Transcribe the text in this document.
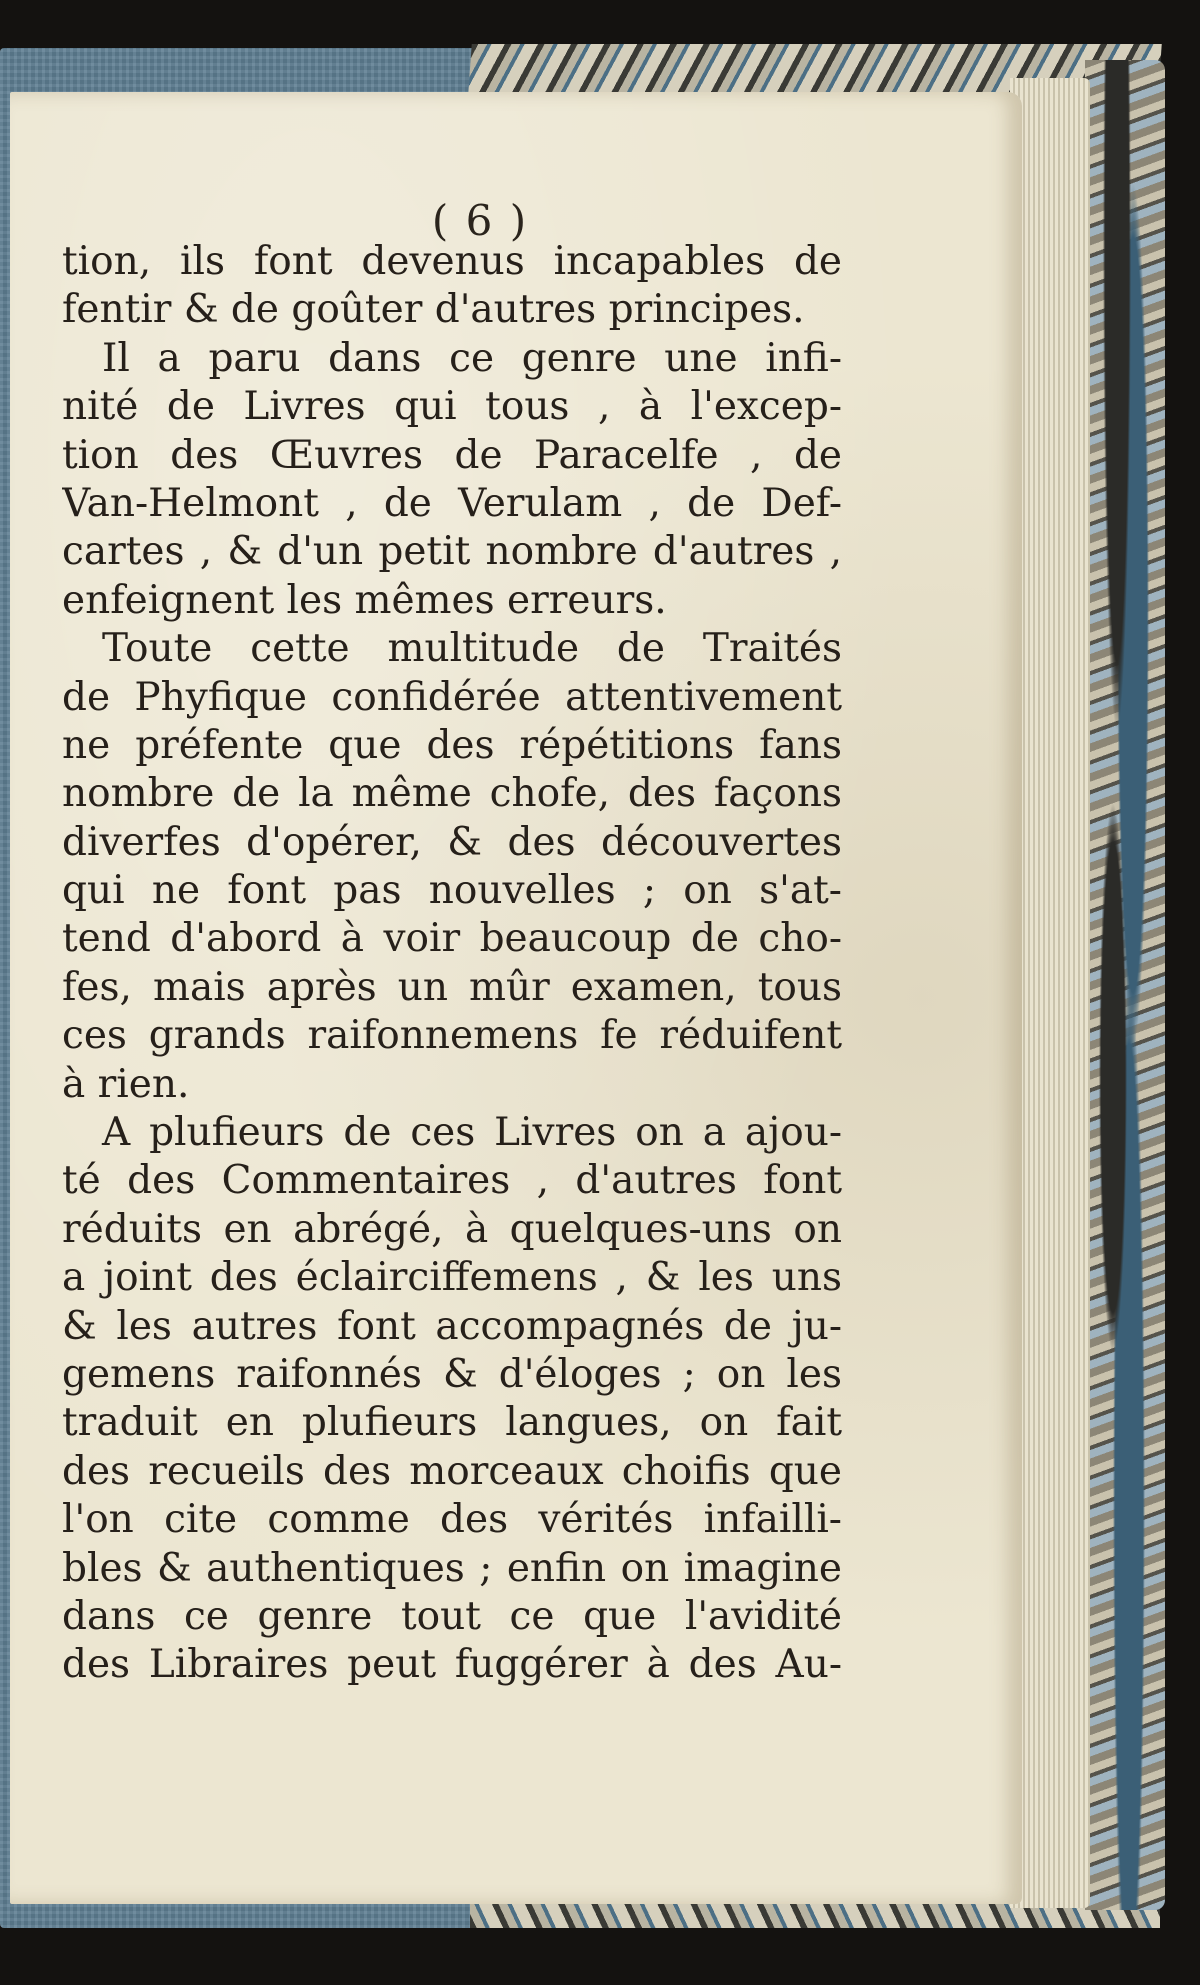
( 6 )

tion, ils font devenus incapables de
fentir & de goûter d'autres principes.
Il a paru dans ce genre une infi-
nité de Livres qui tous , à l'excep-
tion des Œuvres de Paracelfe , de
Van-Helmont , de Verulam , de Def-
cartes , & d'un petit nombre d'autres ,
enfeignent les mêmes erreurs.
Toute cette multitude de Traités
de Phyfique confidérée attentivement
ne préfente que des répétitions fans
nombre de la même chofe, des façons
diverfes d'opérer, & des découvertes
qui ne font pas nouvelles ; on s'at-
tend d'abord à voir beaucoup de cho-
fes, mais après un mûr examen, tous
ces grands raifonnemens fe réduifent
à rien.
A plufieurs de ces Livres on a ajou-
té des Commentaires , d'autres font
réduits en abrégé, à quelques-uns on
a joint des éclairciffemens , & les uns
& les autres font accompagnés de ju-
gemens raifonnés & d'éloges ; on les
traduit en plufieurs langues, on fait
des recueils des morceaux choifis que
l'on cite comme des vérités infailli-
bles & authentiques ; enfin on imagine
dans ce genre tout ce que l'avidité
des Libraires peut fuggérer à des Au-
